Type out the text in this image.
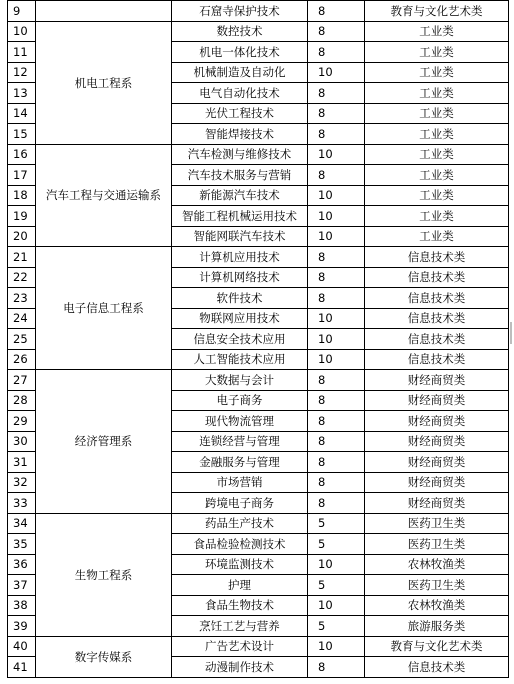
9		石窟寺保护技术	8	教育与文化艺术类
10	机电工程系	数控技术	8	工业类
11		机电一体化技术	8	工业类
12		机械制造及自动化	10	工业类
13		电气自动化技术	8	工业类
14		光伏工程技术	8	工业类
15		智能焊接技术	8	工业类
16	汽车工程与交通运输系	汽车检测与维修技术	10	工业类
17		汽车技术服务与营销	8	工业类
18		新能源汽车技术	10	工业类
19		智能工程机械运用技术	10	工业类
20		智能网联汽车技术	10	工业类
21	电子信息工程系	计算机应用技术	8	信息技术类
22		计算机网络技术	8	信息技术类
23		软件技术	8	信息技术类
24		物联网应用技术	10	信息技术类
25		信息安全技术应用	10	信息技术类
26		人工智能技术应用	10	信息技术类
27	经济管理系	大数据与会计	8	财经商贸类
28		电子商务	8	财经商贸类
29		现代物流管理	8	财经商贸类
30		连锁经营与管理	8	财经商贸类
31		金融服务与管理	8	财经商贸类
32		市场营销	8	财经商贸类
33		跨境电子商务	8	财经商贸类
34	生物工程系	药品生产技术	5	医药卫生类
35		食品检验检测技术	5	医药卫生类
36		环境监测技术	10	农林牧渔类
37		护理	5	医药卫生类
38		食品生物技术	10	农林牧渔类
39		烹饪工艺与营养	5	旅游服务类
40	数字传媒系	广告艺术设计	10	教育与文化艺术类
41		动漫制作技术	8	信息技术类
